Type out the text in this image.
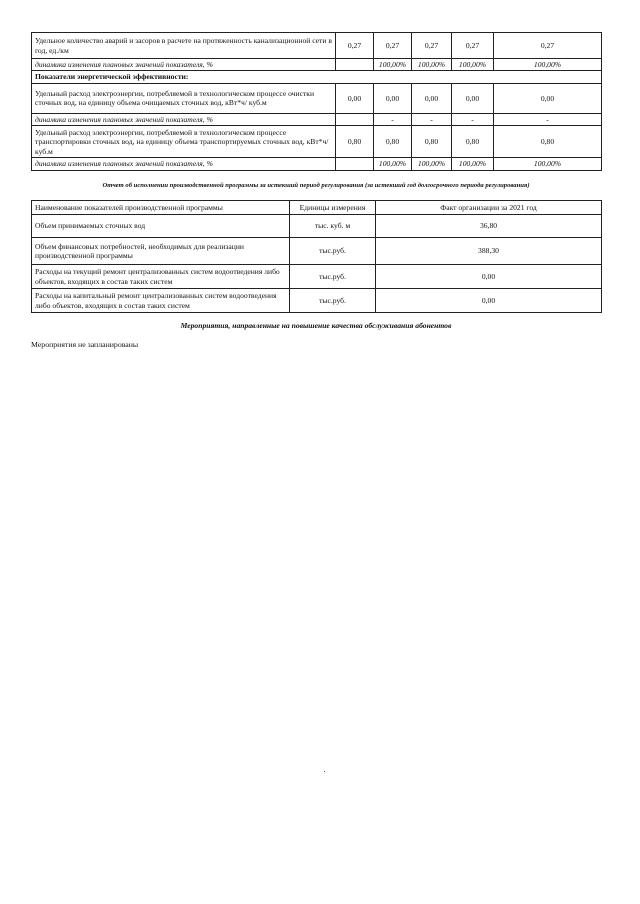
Удельное количество аварий и засоров в расчете на протяженность канализационной сети в год, ед./км	0,27	0,27	0,27	0,27	0,27
динамика изменения плановых значений показателя, %		100,00%	100,00%	100,00%	100,00%
Показатели энергетической эффективности:					
Удельный расход электроэнергии, потребляемой в технологическом процессе очистки сточных вод, на единицу объема очищаемых сточных вод, кВт*ч/ куб.м	0,00	0,00	0,00	0,00	0,00
динамика изменения плановых значений показателя, %		-	-	-	-
Удельный расход электроэнергии, потребляемой в технологическом процессе транспортировки сточных вод, на единицу объема транспортируемых сточных вод, кВт*ч/ куб.м	0,80	0,80	0,80	0,80	0,80
динамика изменения плановых значений показателя, %		100,00%	100,00%	100,00%	100,00%
Отчет об исполнении производственной программы за истекший период регулирования (за истекший год долгосрочного периода регулирования)
Наименование показателей производственной программы	Единицы измерения	Факт организации за 2021 год
Объем принимаемых сточных вод	тыс. куб. м	36,80
Объем финансовых потребностей, необходимых для реализации производственной программы	тыс.руб.	388,30
Расходы на текущий ремонт централизованных систем водоотведения либо объектов, входящих в состав таких систем	тыс.руб.	0,00
Расходы на капитальный ремонт централизованных систем водоотведения либо объектов, входящих в состав таких систем	тыс.руб.	0,00
Мероприятия, направленные на повышение качества обслуживания абонентов
Мероприятия не запланированы
